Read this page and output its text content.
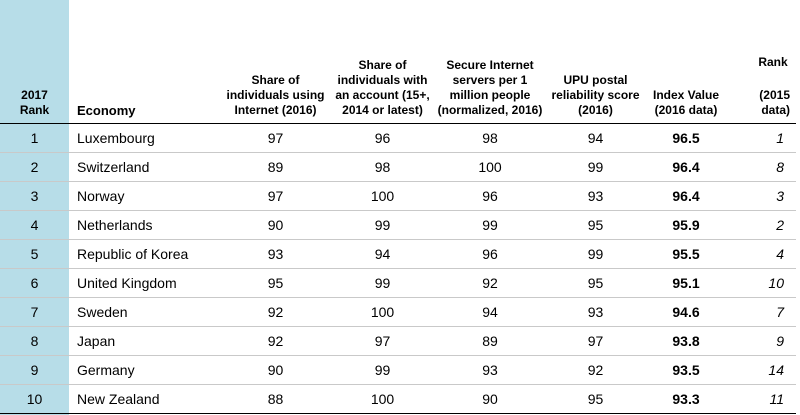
2017 Rank	Economy	Share of individuals using Internet (2016)	Share of individuals with an account (15+, 2014 or latest)	Secure Internet servers per 1 million people (normalized, 2016)	UPU postal reliability score (2016)	Index Value (2016 data)	Rank
(2015 data)
1	Luxembourg	97	96	98	94	96.5	1
2	Switzerland	89	98	100	99	96.4	8
3	Norway	97	100	96	93	96.4	3
4	Netherlands	90	99	99	95	95.9	2
5	Republic of Korea	93	94	96	99	95.5	4
6	United Kingdom	95	99	92	95	95.1	10
7	Sweden	92	100	94	93	94.6	7
8	Japan	92	97	89	97	93.8	9
9	Germany	90	99	93	92	93.5	14
10	New Zealand	88	100	90	95	93.3	11
